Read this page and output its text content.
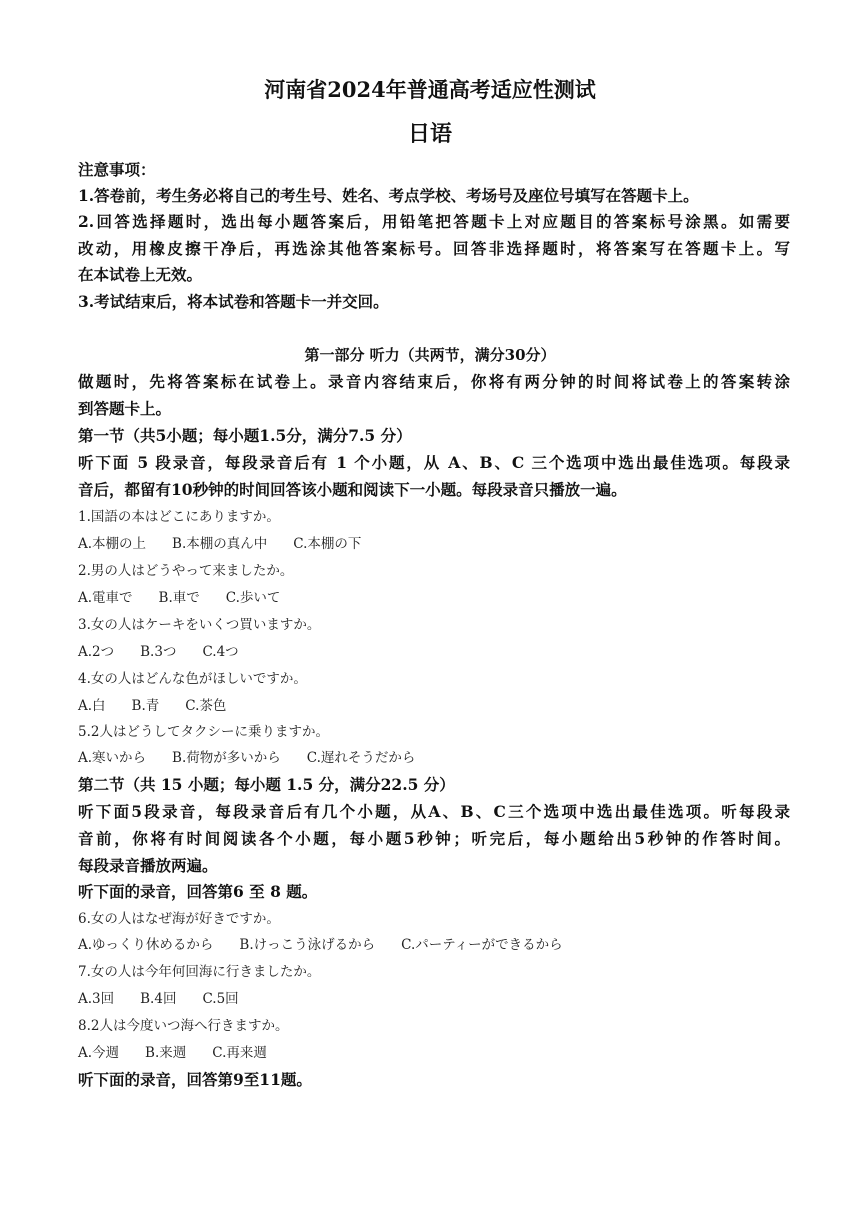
河南省2024年普通高考适应性测试
日语
注意事项：
1.答卷前，考生务必将自己的考生号、姓名、考点学校、考场号及座位号填写在答题卡上。
2.回答选择题时，选出每小题答案后，用铅笔把答题卡上对应题目的答案标号涂黑。如需要
改动，用橡皮擦干净后，再选涂其他答案标号。回答非选择题时，将答案写在答题卡上。写
在本试卷上无效。
3.考试结束后，将本试卷和答题卡一并交回。
第一部分 听力（共两节，满分30分）
做题时，先将答案标在试卷上。录音内容结束后，你将有两分钟的时间将试卷上的答案转涂
到答题卡上。
第一节（共5小题；每小题1.5分，满分7.5 分）
听下面 5 段录音，每段录音后有 1 个小题，从 A、B、C 三个选项中选出最佳选项。每段录
音后，都留有10秒钟的时间回答该小题和阅读下一小题。每段录音只播放一遍。
1.国語の本はどこにありますか。
A.本棚の上 B.本棚の真ん中 C.本棚の下
2.男の人はどうやって来ましたか。
A.電車で B.車で C.歩いて
3.女の人はケーキをいくつ買いますか。
A.2つ B.3つ C.4つ
4.女の人はどんな色がほしいですか。
A.白 B.青 C.茶色
5.2人はどうしてタクシーに乗りますか。
A.寒いから B.荷物が多いから C.遅れそうだから
第二节（共 15 小题；每小题 1.5 分，满分22.5 分）
听下面5段录音，每段录音后有几个小题，从A、B、C三个选项中选出最佳选项。听每段录
音前，你将有时间阅读各个小题，每小题5秒钟；听完后，每小题给出5秒钟的作答时间。
每段录音播放两遍。
听下面的录音，回答第6 至 8 题。
6.女の人はなぜ海が好きですか。
A.ゆっくり休めるから B.けっこう泳げるから C.パーティーができるから
7.女の人は今年何回海に行きましたか。
A.3回 B.4回 C.5回
8.2人は今度いつ海へ行きますか。
A.今週 B.来週 C.再来週
听下面的录音，回答第9至11题。
